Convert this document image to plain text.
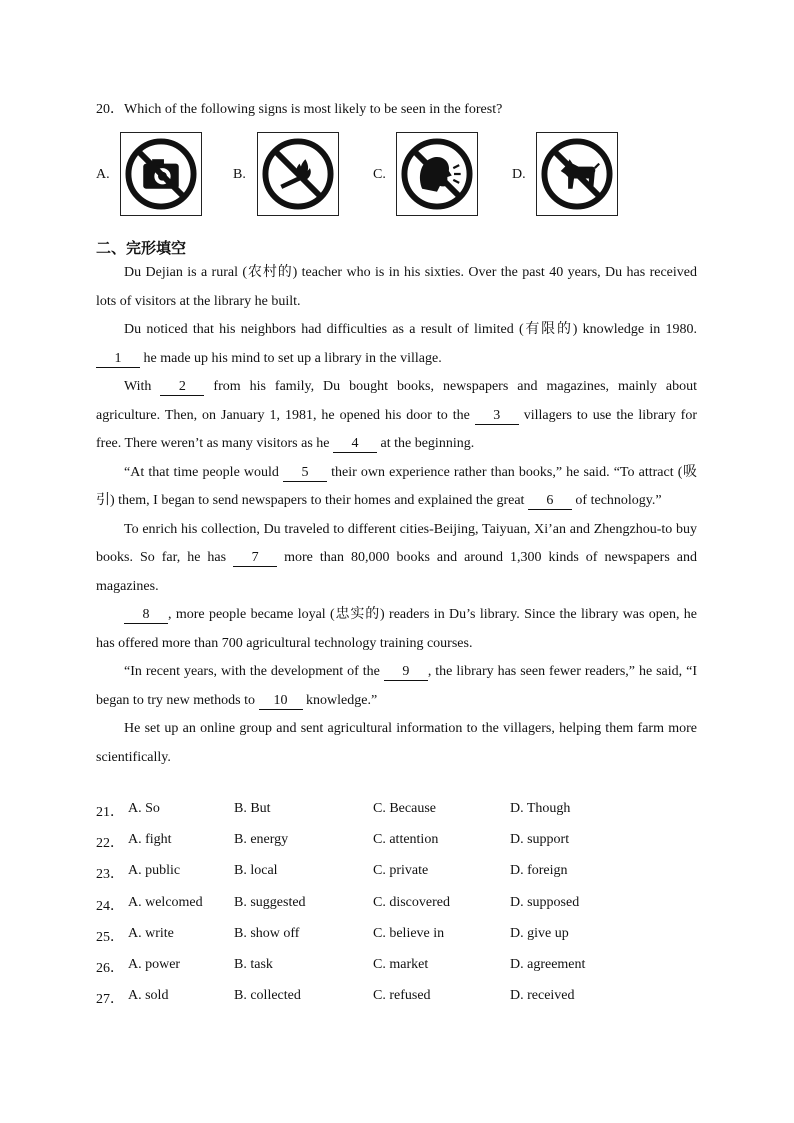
20．Which of the following signs is most likely to be seen in the forest?
A.	B.	C.	D.
二、完形填空

Du Dejian is a rural (农村的) teacher who is in his sixties. Over the past 40 years, Du has received lots of visitors at the library he built.

Du noticed that his neighbors had difficulties as a result of limited (有限的) knowledge in 1980. 1 he made up his mind to set up a library in the village.

With 2 from his family, Du bought books, newspapers and magazines, mainly about agriculture. Then, on January 1, 1981, he opened his door to the 3 villagers to use the library for free. There weren’t as many visitors as he 4 at the beginning.

“At that time people would 5 their own experience rather than books,” he said. “To attract (吸引) them, I began to send newspapers to their homes and explained the great 6 of technology.”

To enrich his collection, Du traveled to different cities-Beijing, Taiyuan, Xi’an and Zhengzhou-to buy books. So far, he has 7 more than 80,000 books and around 1,300 kinds of newspapers and magazines.

8 , more people became loyal (忠实的) readers in Du’s library. Since the library was open, he has offered more than 700 agricultural technology training courses.

“In recent years, with the development of the 9 , the library has seen fewer readers,” he said, “I began to try new methods to 10 knowledge.”

He set up an online group and sent agricultural information to the villagers, helping them farm more scientifically.

21． A. So	B. But	C. Because	D. Though
22． A. fight	B. energy	C. attention	D. support
23． A. public	B. local	C. private	D. foreign
24． A. welcomed B. suggested	C. discovered	D. supposed
25． A. write	B. show off	C. believe in	D. give up
26． A. power	B. task	C. market	D. agreement
27． A. sold	B. collected	C. refused	D. received
